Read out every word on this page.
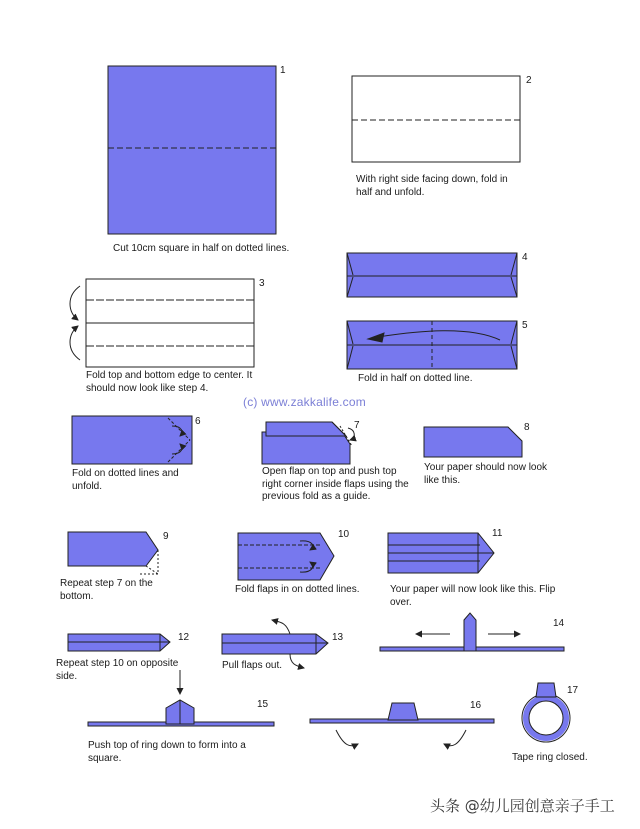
1
2
3
4
5
6	7	8
9	10	11
12	13
14
15	16
17

Cut 10cm square in half on dotted lines.

With right side facing down, fold in half and unfold.

Fold top and bottom edge to center. It should now look like step 4.

Fold in half on dotted line.

Fold on dotted lines and unfold.

Open flap on top and push top right corner inside flaps using the previous fold as a guide.

Your paper should now look like this.

Repeat step 7 on the bottom.

Fold flaps in on dotted lines.	Your paper will now look like this. Flip over.

Repeat step 10 on opposite side.

Pull flaps out.

Push top of ring down to form into a square.	Tape ring closed.

(c) www.zakkalife.com
头条 @幼儿园创意亲子手工
